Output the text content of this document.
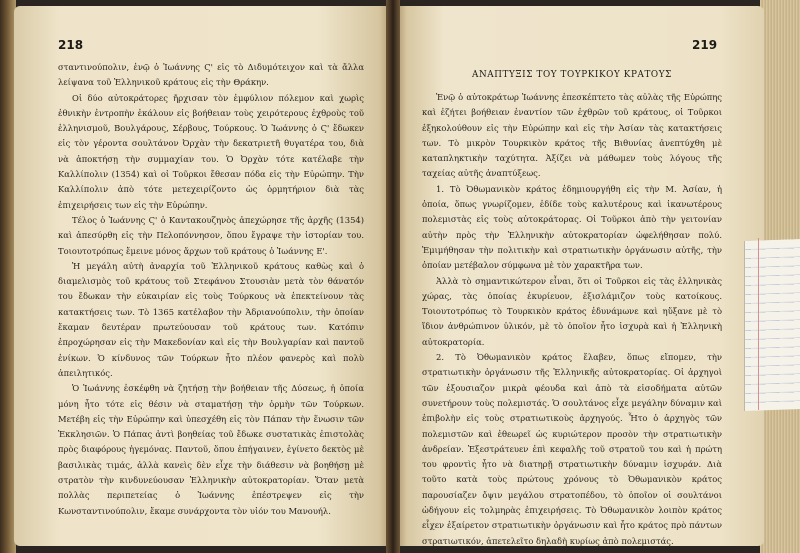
218

σταντινούπολιν, ἐνῷ ὁ Ἰωάννης Ϛ' εἰς τὸ Διδυμότειχον καὶ τὰ ἄλλα λείψανα τοῦ Ἑλληνικοῦ κράτους εἰς τὴν Θράκην.

Οἱ δύο αὐτοκράτορες ἤρχισαν τὸν ἐμφύλιον πόλεμον καὶ χωρὶς ἐθνικὴν ἐντροπὴν ἐκάλουν εἰς βοήθειαν τοὺς χειρότερους ἐχθροὺς τοῦ ἑλληνισμοῦ, Βουλγάρους, Σέρβους, Τούρκους. Ὁ Ἰωάννης ὁ Ϛ' ἔδωκεν εἰς τὸν γέροντα σουλτάνον Ὀρχὰν τὴν δεκατριετῆ θυγατέρα του, διὰ νὰ ἀποκτήσῃ τὴν συμμαχίαν του. Ὁ Ὀρχὰν τότε κατέλαβε τὴν Καλλίπολιν (1354) καὶ οἱ Τοῦρκοι ἔθεσαν πόδα εἰς τὴν Εὐρώπην. Τὴν Καλλίπολιν ἀπὸ τότε μετεχειρίζοντο ὡς ὁρμητήριον διὰ τὰς ἐπιχειρήσεις των εἰς τὴν Εὐρώπην.

Τέλος ὁ Ἰωάννης Ϛ' ὁ Καντακουζηνὸς ἀπεχώρησε τῆς ἀρχῆς (1354) καὶ ἀπεσύρθη εἰς τὴν Πελοπόννησον, ὅπου ἔγραψε τὴν ἱστορίαν του. Τοιουτοτρόπως ἔμεινε μόνος ἄρχων τοῦ κράτους ὁ Ἰωάννης Ε'.

Ἡ μεγάλη αὐτὴ ἀναρχία τοῦ Ἑλληνικοῦ κράτους καθὼς καὶ ὁ διαμελισμὸς τοῦ κράτους τοῦ Στεφάνου Στουσιὰν μετὰ τὸν θάνατόν του ἔδωκαν τὴν εὐκαιρίαν εἰς τοὺς Τούρκους νὰ ἐπεκτείνουν τὰς κατακτήσεις των. Τὸ 1365 κατέλαβον τὴν Ἀδριανούπολιν, τὴν ὁποίαν ἔκαμαν δευτέραν πρωτεύουσαν τοῦ κράτους των. Κατόπιν ἐπροχώρησαν εἰς τὴν Μακεδονίαν καὶ εἰς τὴν Βουλγαρίαν καὶ παντοῦ ἐνίκων. Ὁ κίνδυνος τῶν Τούρκων ἦτο πλέον φανερὸς καὶ πολὺ ἀπειλητικός.

Ὁ Ἰωάννης ἐσκέφθη νὰ ζητήσῃ τὴν βοήθειαν τῆς Δύσεως, ἡ ὁποία μόνη ἦτο τότε εἰς θέσιν νὰ σταματήσῃ τὴν ὁρμὴν τῶν Τούρκων. Μετέβη εἰς τὴν Εὐρώπην καὶ ὑπεσχέθη εἰς τὸν Πάπαν τὴν ἕνωσιν τῶν Ἐκκλησιῶν. Ὁ Πάπας ἀντὶ βοηθείας τοῦ ἔδωκε συστατικὰς ἐπιστολὰς πρὸς διαφόρους ἡγεμόνας. Παντοῦ, ὅπου ἐπήγαινεν, ἐγίνετο δεκτὸς μὲ βασιλικὰς τιμάς, ἀλλὰ κανεὶς δὲν εἶχε τὴν διάθεσιν νὰ βοηθήσῃ μὲ στρατὸν τὴν κινδυνεύουσαν Ἑλληνικὴν αὐτοκρατορίαν. Ὅταν μετὰ πολλὰς περιπετείας ὁ Ἰωάννης ἐπέστρεψεν εἰς τὴν Κωνσταντινούπολιν, ἔκαμε συνάρχοντα τὸν υἱόν του Μανουήλ.

219
ΑΝΑΠΤΥΞΙΣ ΤΟΥ ΤΟΥΡΚΙΚΟΥ ΚΡΑΤΟΥΣ

Ἐνῷ ὁ αὐτοκράτωρ Ἰωάννης ἐπεσκέπτετο τὰς αὐλὰς τῆς Εὐρώπης καὶ ἐζήτει βοήθειαν ἐναντίον τῶν ἐχθρῶν τοῦ κράτους, οἱ Τοῦρκοι ἐξηκολούθουν εἰς τὴν Εὐρώπην καὶ εἰς τὴν Ἀσίαν τὰς κατακτήσεις των. Τὸ μικρὸν Τουρκικὸν κράτος τῆς Βιθυνίας ἀνεπτύχθη μὲ καταπληκτικὴν ταχύτητα. Ἀξίζει νὰ μάθωμεν τοὺς λόγους τῆς ταχείας αὐτῆς ἀναπτύξεως.

1. Τὸ Ὀθωμανικὸν κράτος ἐδημιουργήθη εἰς τὴν Μ. Ἀσίαν, ἡ ὁποία, ὅπως γνωρίζομεν, ἐδίδε τοὺς καλυτέρους καὶ ἱκανωτέρους πολεμιστὰς εἰς τοὺς αὐτοκράτορας. Οἱ Τοῦρκοι ἀπὸ τὴν γειτονίαν αὐτὴν πρὸς τὴν Ἑλληνικὴν αὐτοκρατορίαν ὠφελήθησαν πολύ. Ἐμιμήθησαν τὴν πολιτικὴν καὶ στρατιωτικὴν ὀργάνωσιν αὐτῆς, τὴν ὁποίαν μετέβαλον σύμφωνα μὲ τὸν χαρακτῆρα των.

Ἀλλὰ τὸ σημαντικώτερον εἶναι, ὅτι οἱ Τοῦρκοι εἰς τὰς ἑλληνικὰς χώρας, τὰς ὁποίας ἐκυρίευον, ἐξισλάμιζον τοὺς κατοίκους. Τοιουτοτρόπως τὸ Τουρκικὸν κράτος ἐδυνάμωνε καὶ ηὔξανε μὲ τὸ ἴδιον ἀνθρώπινον ὑλικόν, μὲ τὸ ὁποῖον ἦτο ἰσχυρὰ καὶ ἡ Ἑλληνικὴ αὐτοκρατορία.

2. Τὸ Ὀθωμανικὸν κράτος ἔλαβεν, ὅπως εἴπομεν, τὴν στρατιωτικὴν ὀργάνωσιν τῆς Ἑλληνικῆς αὐτοκρατορίας. Οἱ ἀρχηγοὶ τῶν ἐξουσιαζον μικρὰ φέουδα καὶ ἀπὸ τὰ εἰσοδήματα αὐτῶν συνετήρουν τοὺς πολεμιστάς. Ὁ σουλτάνος εἶχε μεγάλην δύναμιν καὶ ἐπιβολὴν εἰς τοὺς στρατιωτικοὺς ἀρχηγούς. Ἦτο ὁ ἀρχηγὸς τῶν πολεμιστῶν καὶ ἐθεωρεῖ ὡς κυριώτερον προσὸν τὴν στρατιωτικὴν ἀνδρείαν. Ἐξεστράτευεν ἐπὶ κεφαλῆς τοῦ στρατοῦ του καὶ ἡ πρώτη του φροντὶς ἦτο νὰ διατηρῇ στρατιωτικὴν δύναμιν ἰσχυράν. Διὰ τοῦτο κατὰ τοὺς πρώτους χρόνους τὸ Ὀθωμανικὸν κράτος παρουσίαζεν ὄψιν μεγάλου στρατοπέδου, τὸ ὁποῖον οἱ σουλτάνοι ὡδήγουν εἰς τολμηρὰς ἐπιχειρήσεις. Τὸ Ὀθωμανικὸν λοιπὸν κράτος εἶχεν ἐξαίρετον στρατιωτικὴν ὀργάνωσιν καὶ ἦτο κράτος πρὸ πάντων στρατιωτικόν, ἀπετελεῖτο δηλαδὴ κυρίως ἀπὸ πολεμιστάς.
